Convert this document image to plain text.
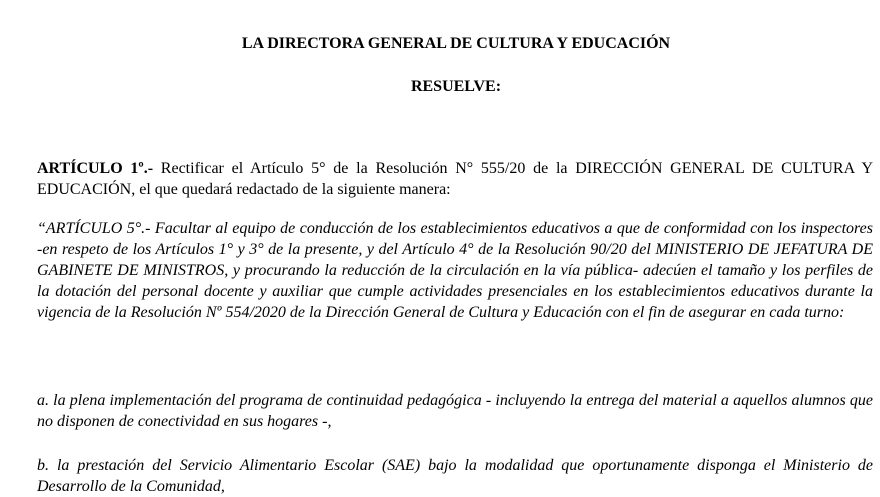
LA DIRECTORA GENERAL DE CULTURA Y EDUCACIÓN
RESUELVE:
ARTÍCULO 1º.- Rectificar el Artículo 5° de la Resolución N° 555/20 de la DIRECCIÓN GENERAL DE CULTURA Y EDUCACIÓN, el que quedará redactado de la siguiente manera:
“ARTÍCULO 5°.- Facultar al equipo de conducción de los establecimientos educativos a que de conformidad con los inspectores -en respeto de los Artículos 1° y 3° de la presente, y del Artículo 4° de la Resolución 90/20 del MINISTERIO DE JEFATURA DE GABINETE DE MINISTROS, y procurando la reducción de la circulación en la vía pública- adecúen el tamaño y los perfiles de la dotación del personal docente y auxiliar que cumple actividades presenciales en los establecimientos educativos durante la vigencia de la Resolución Nº 554/2020 de la Dirección General de Cultura y Educación con el fin de asegurar en cada turno:
a. la plena implementación del programa de continuidad pedagógica - incluyendo la entrega del material a aquellos alumnos que no disponen de conectividad en sus hogares -,
b. la prestación del Servicio Alimentario Escolar (SAE) bajo la modalidad que oportunamente disponga el Ministerio de Desarrollo de la Comunidad,
